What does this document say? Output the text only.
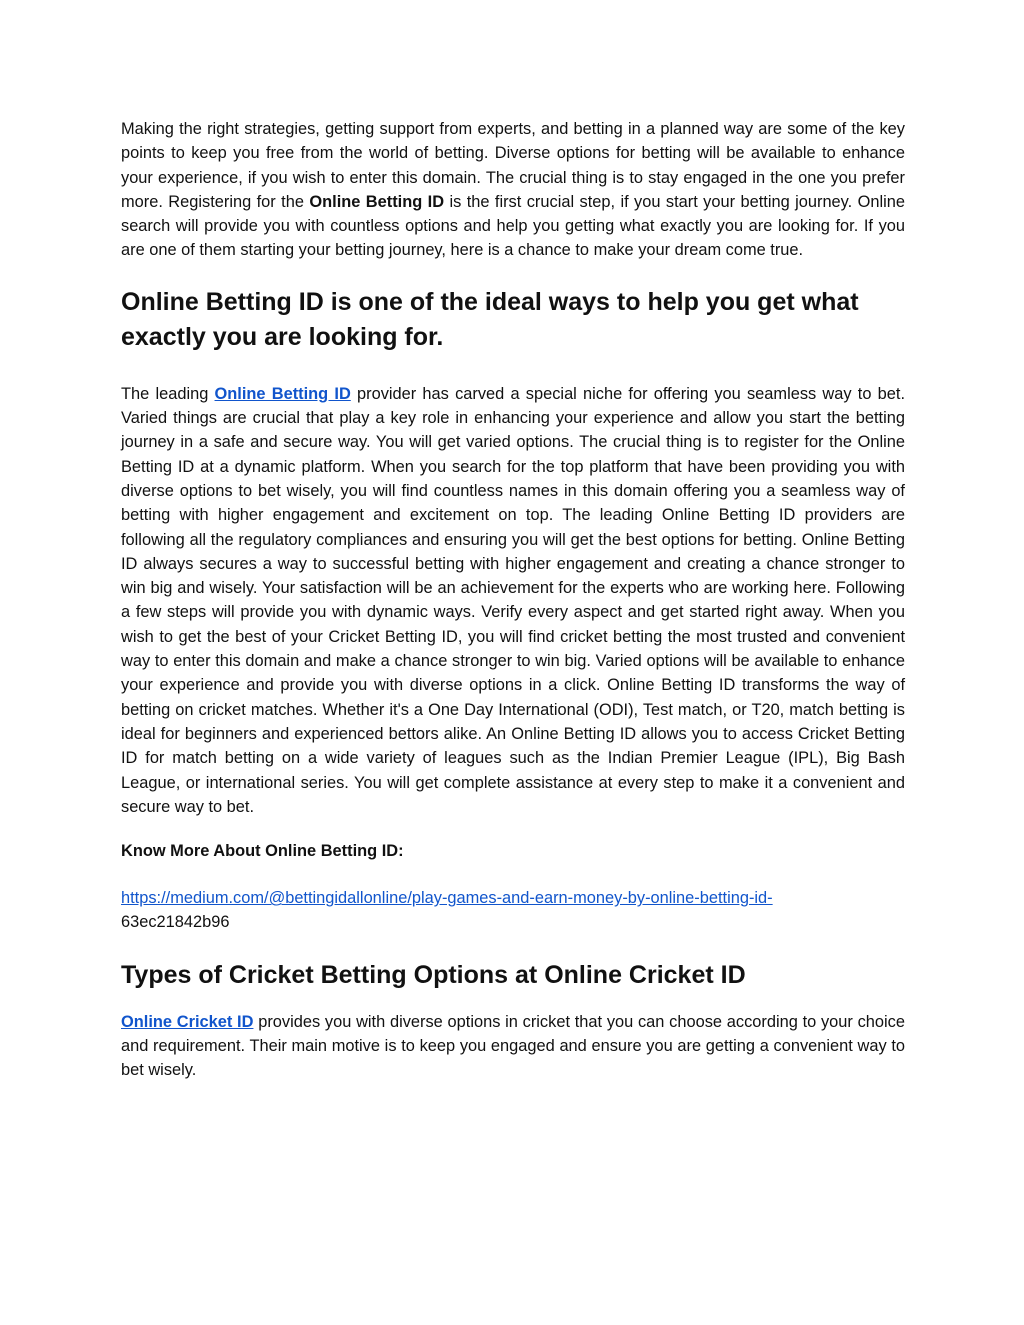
Making the right strategies, getting support from experts, and betting in a planned way are some of the key points to keep you free from the world of betting. Diverse options for betting will be available to enhance your experience, if you wish to enter this domain. The crucial thing is to stay engaged in the one you prefer more. Registering for the Online Betting ID is the first crucial step, if you start your betting journey. Online search will provide you with countless options and help you getting what exactly you are looking for. If you are one of them starting your betting journey, here is a chance to make your dream come true.

Online Betting ID is one of the ideal ways to help you get what exactly you are looking for.

The leading Online Betting ID provider has carved a special niche for offering you seamless way to bet. Varied things are crucial that play a key role in enhancing your experience and allow you start the betting journey in a safe and secure way. You will get varied options. The crucial thing is to register for the Online Betting ID at a dynamic platform. When you search for the top platform that have been providing you with diverse options to bet wisely, you will find countless names in this domain offering you a seamless way of betting with higher engagement and excitement on top. The leading Online Betting ID providers are following all the regulatory compliances and ensuring you will get the best options for betting. Online Betting ID always secures a way to successful betting with higher engagement and creating a chance stronger to win big and wisely. Your satisfaction will be an achievement for the experts who are working here. Following a few steps will provide you with dynamic ways. Verify every aspect and get started right away. When you wish to get the best of your Cricket Betting ID, you will find cricket betting the most trusted and convenient way to enter this domain and make a chance stronger to win big. Varied options will be available to enhance your experience and provide you with diverse options in a click. Online Betting ID transforms the way of betting on cricket matches. Whether it's a One Day International (ODI), Test match, or T20, match betting is ideal for beginners and experienced bettors alike. An Online Betting ID allows you to access Cricket Betting ID for match betting on a wide variety of leagues such as the Indian Premier League (IPL), Big Bash League, or international series. You will get complete assistance at every step to make it a convenient and secure way to bet.

Know More About Online Betting ID:

https://medium.com/@bettingidallonline/play-games-and-earn-money-by-online-betting-id-
63ec21842b96

Types of Cricket Betting Options at Online Cricket ID

Online Cricket ID provides you with diverse options in cricket that you can choose according to your choice and requirement. Their main motive is to keep you engaged and ensure you are getting a convenient way to bet wisely.
